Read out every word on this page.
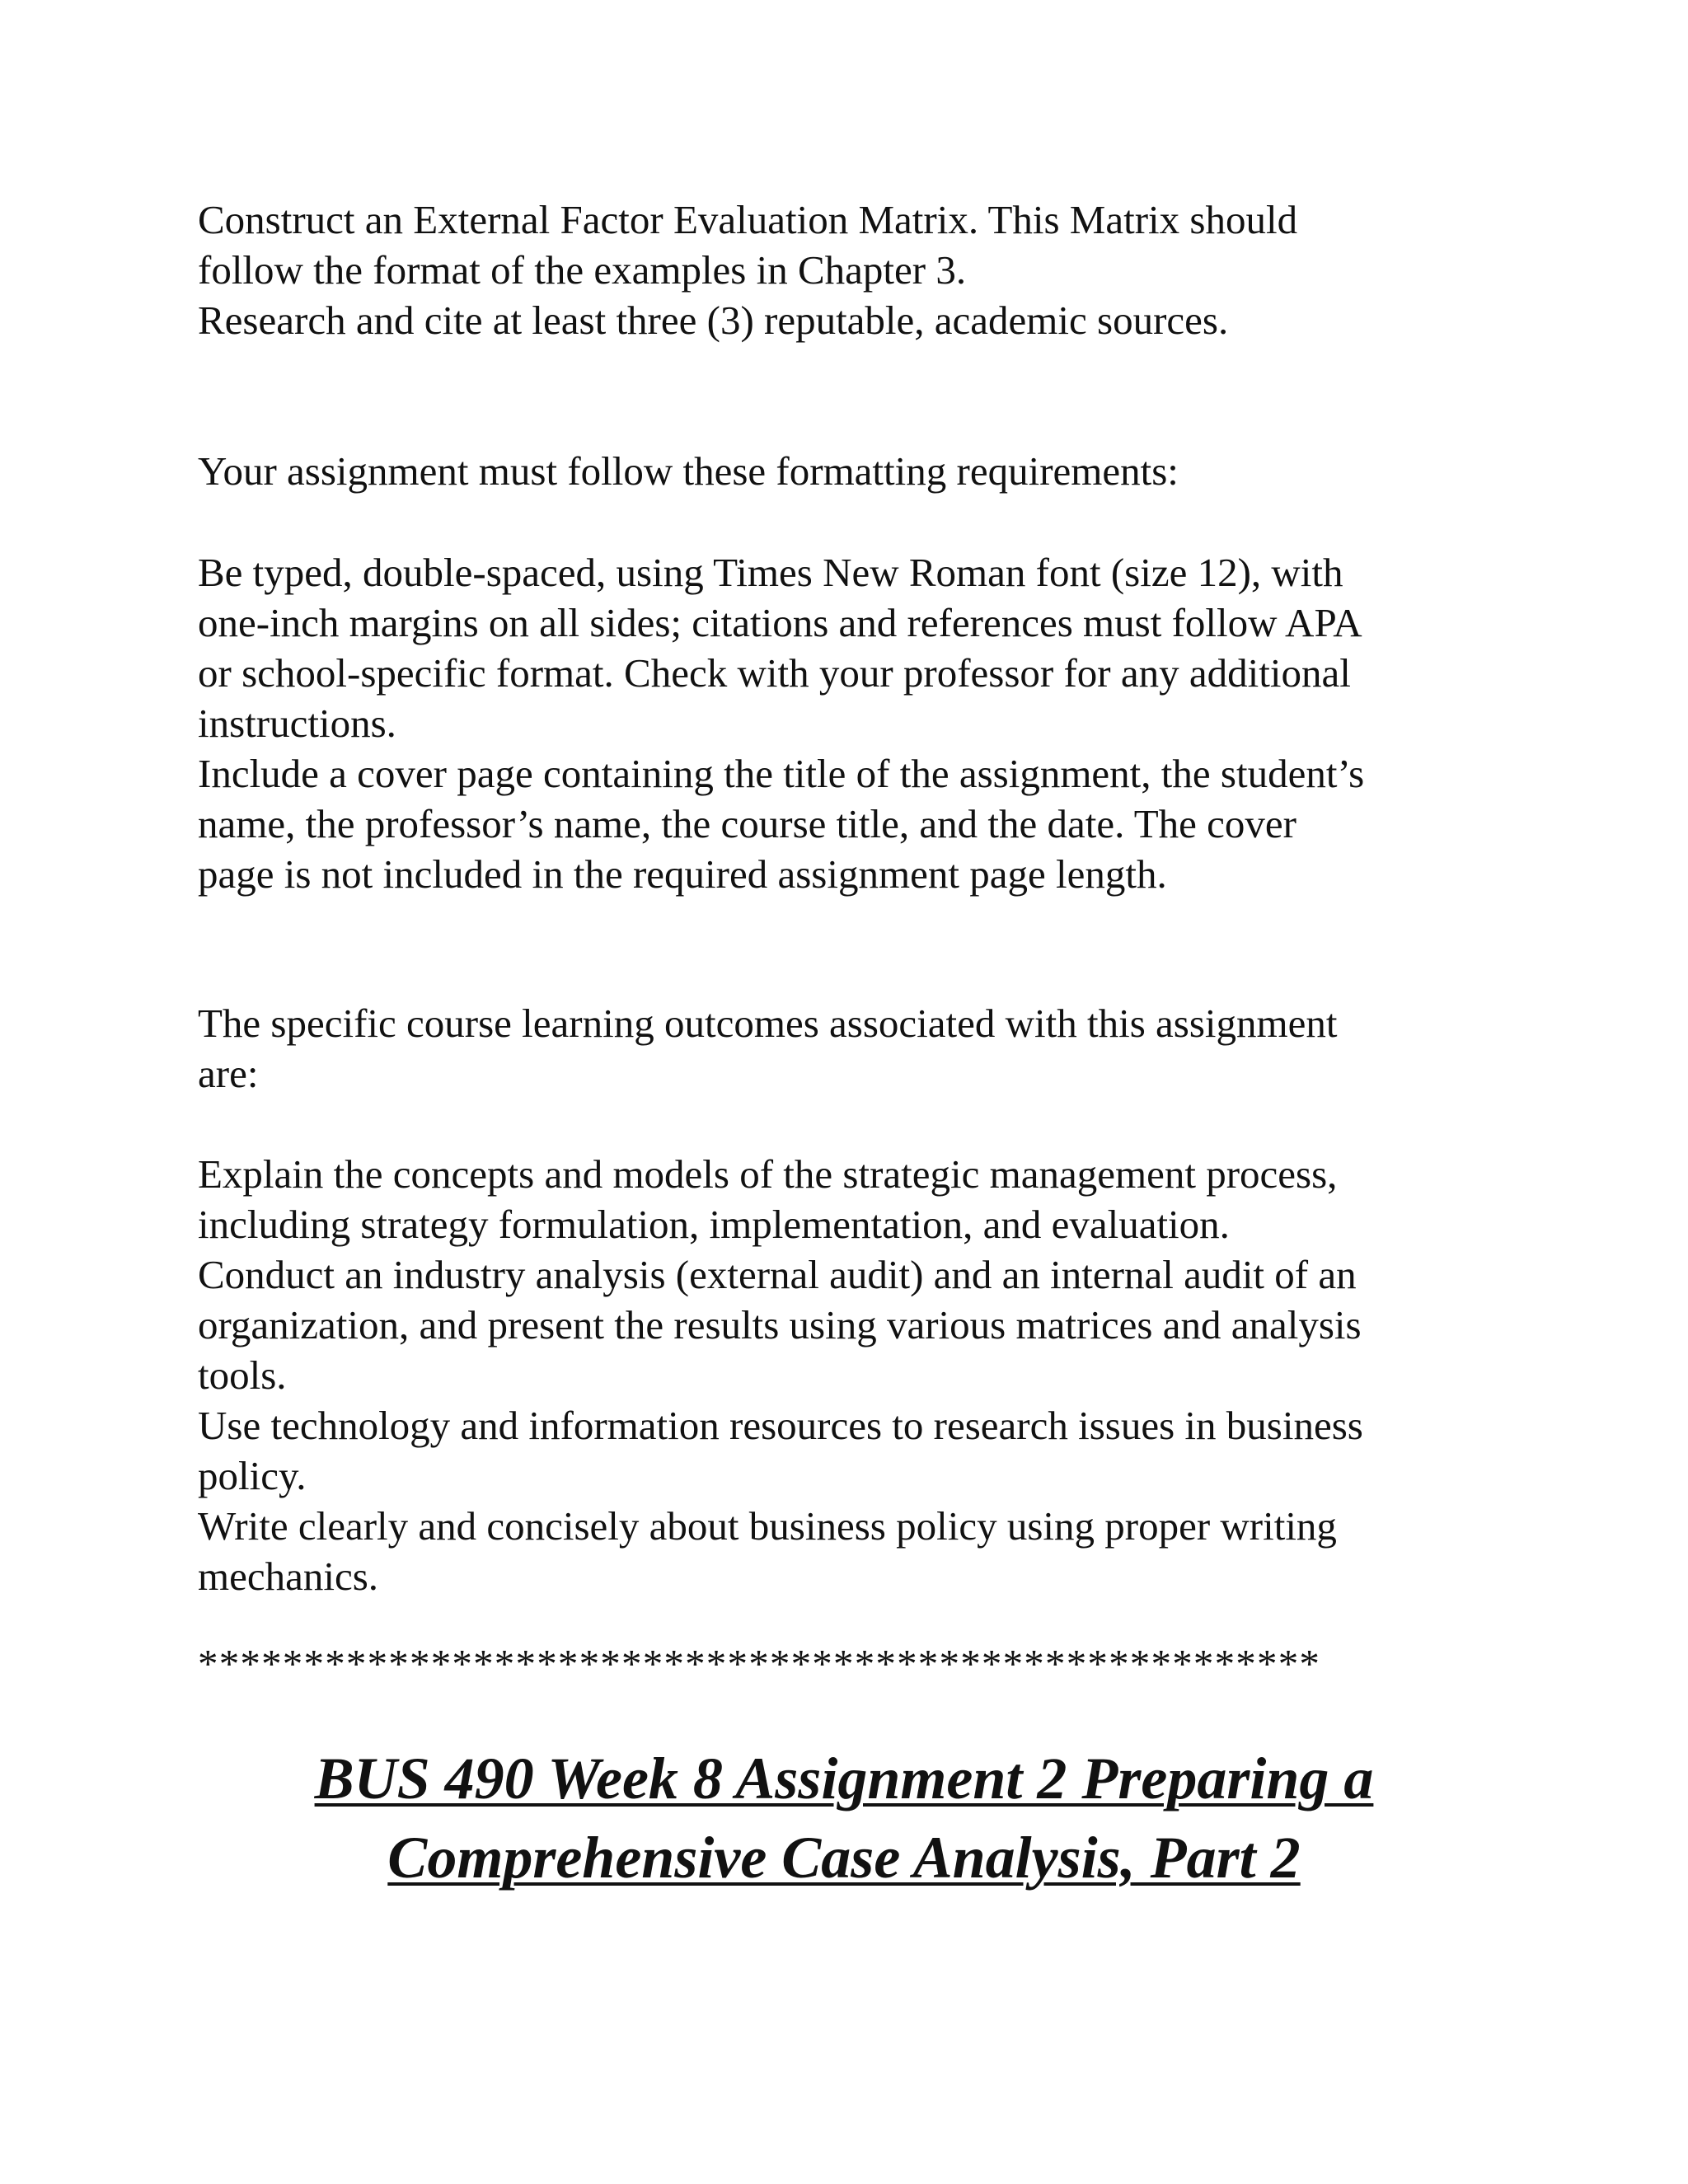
Construct an External Factor Evaluation Matrix. This Matrix should
follow the format of the examples in Chapter 3.
Research and cite at least three (3) reputable, academic sources.
Your assignment must follow these formatting requirements:
Be typed, double-spaced, using Times New Roman font (size 12), with
one-inch margins on all sides; citations and references must follow APA
or school-specific format. Check with your professor for any additional
instructions.
Include a cover page containing the title of the assignment, the student’s
name, the professor’s name, the course title, and the date. The cover
page is not included in the required assignment page length.
The specific course learning outcomes associated with this assignment
are:
Explain the concepts and models of the strategic management process,
including strategy formulation, implementation, and evaluation.
Conduct an industry analysis (external audit) and an internal audit of an
organization, and present the results using various matrices and analysis
tools.
Use technology and information resources to research issues in business
policy.
Write clearly and concisely about business policy using proper writing
mechanics.
*****************************************************
BUS 490 Week 8 Assignment 2 Preparing a
Comprehensive Case Analysis, Part 2
